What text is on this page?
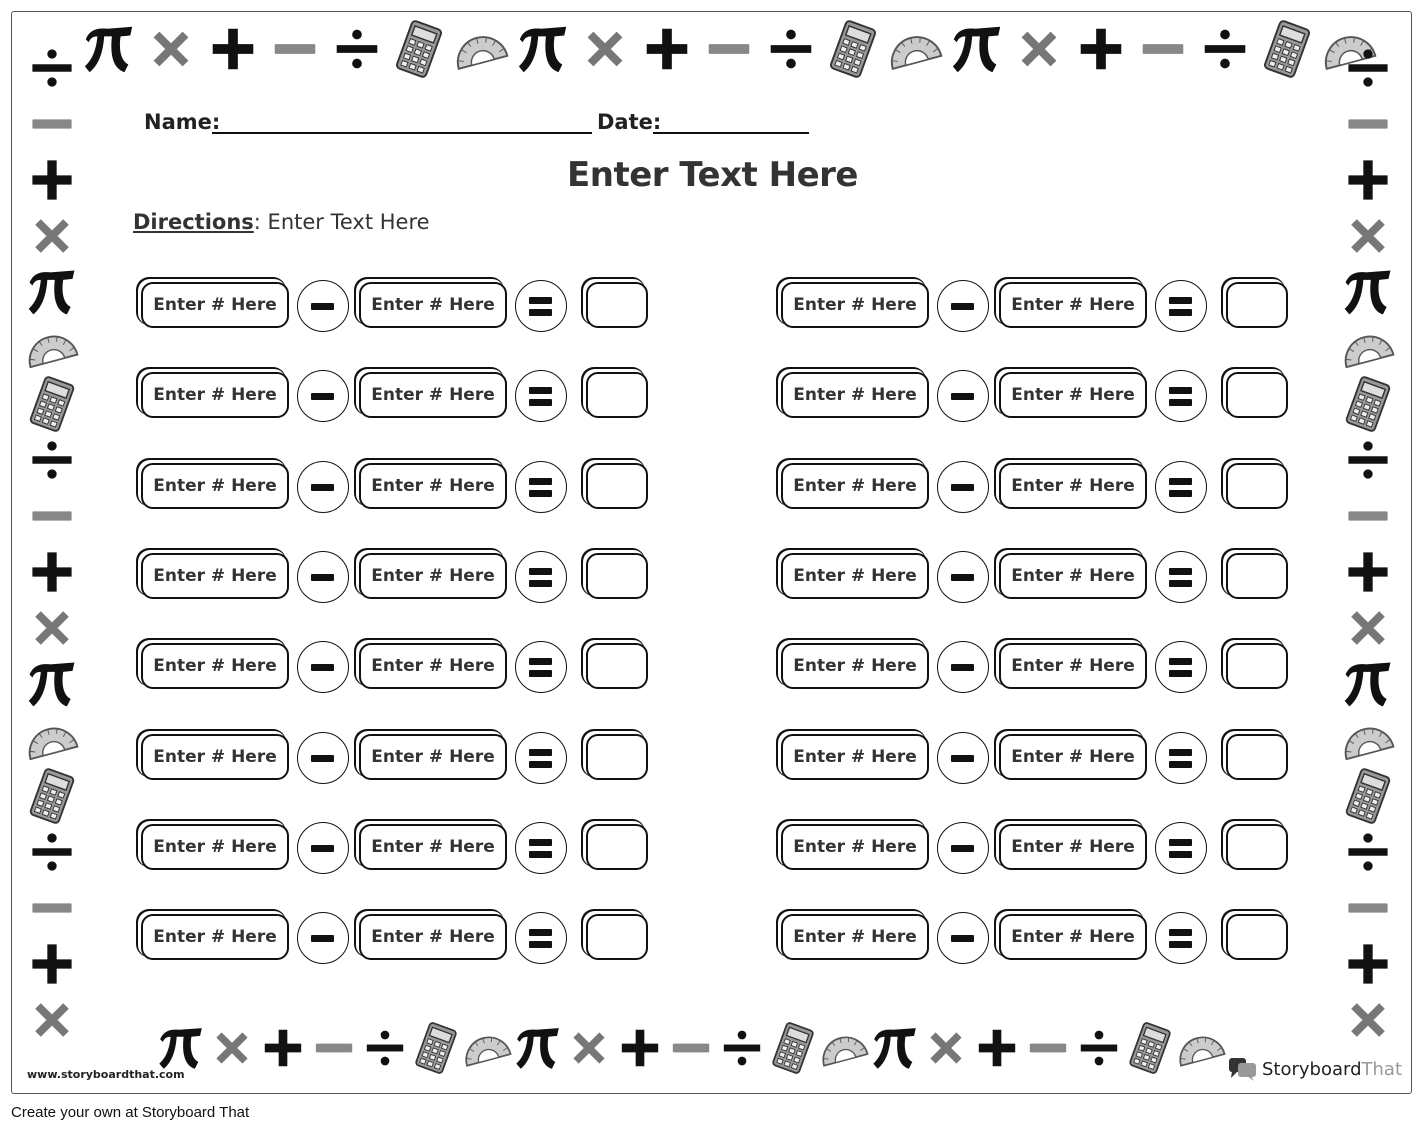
Name:	Date:
Enter Text Here
Directions: Enter Text Here
Enter # Here	Enter # Here
Enter # Here	Enter # Here
Enter # Here	Enter # Here
Enter # Here	Enter # Here
Enter # Here	Enter # Here
Enter # Here	Enter # Here
Enter # Here	Enter # Here
Enter # Here	Enter # Here
Enter # Here	Enter # Here
Enter # Here	Enter # Here
Enter # Here	Enter # Here
Enter # Here	Enter # Here
Enter # Here	Enter # Here
Enter # Here	Enter # Here
Enter # Here	Enter # Here
Enter # Here	Enter # Here
www.storyboardthat.com	StoryboardThat
Create your own at Storyboard That
